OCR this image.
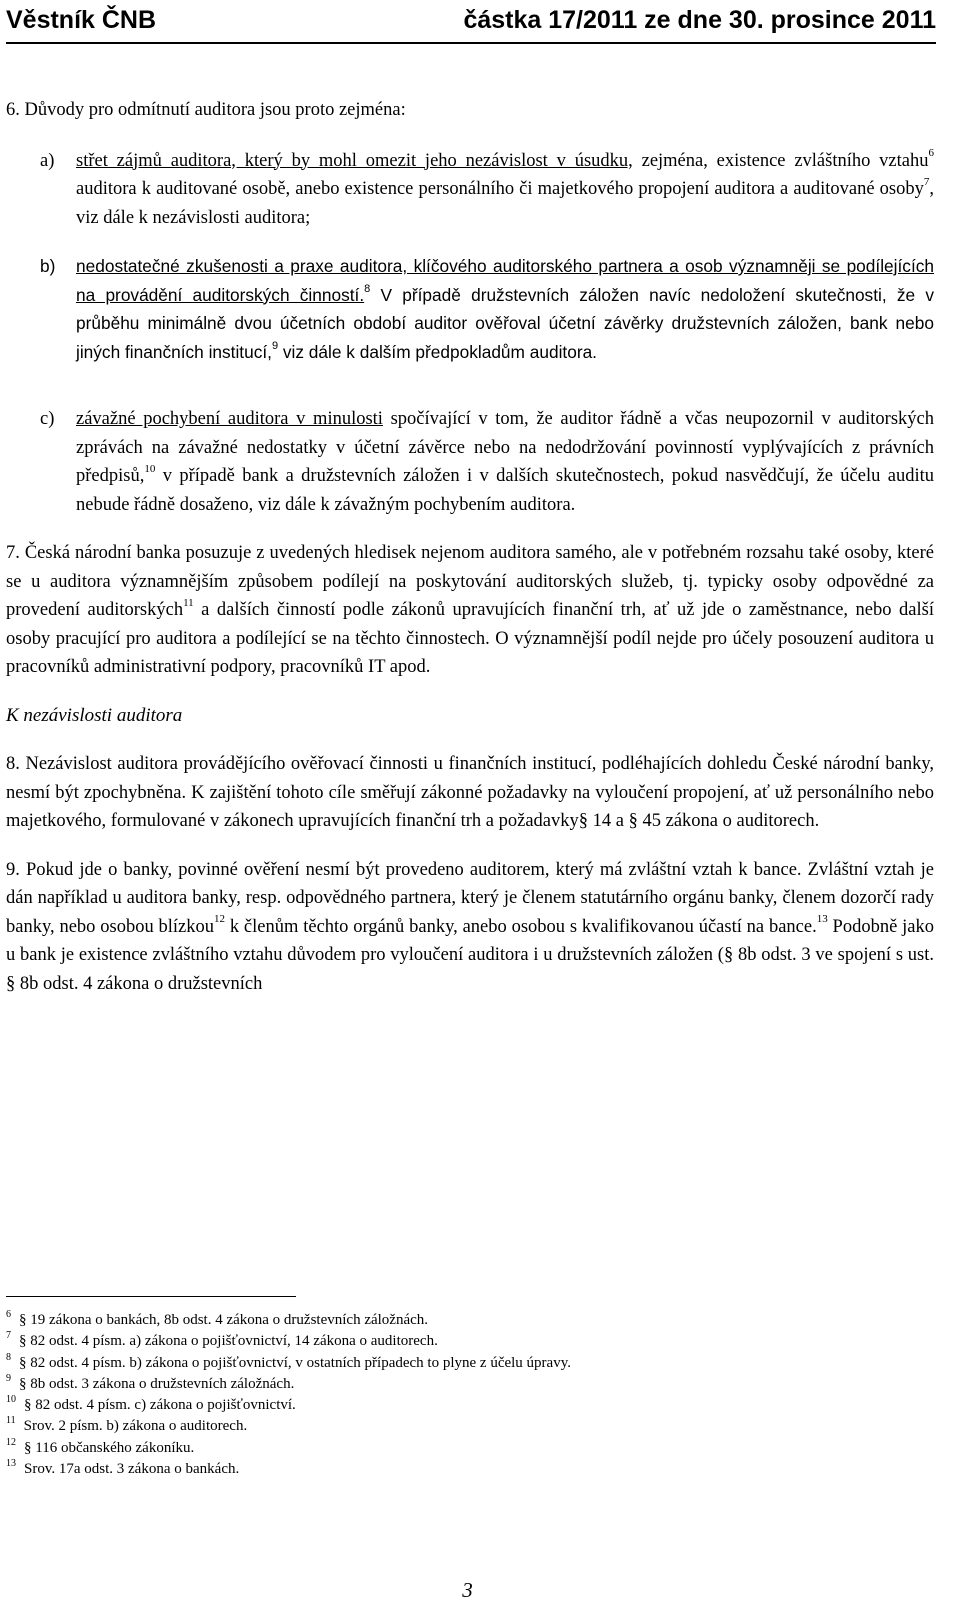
Věstník ČNB	částka 17/2011 ze dne 30. prosince 2011

6. Důvody pro odmítnutí auditora jsou proto zejména:

a) střet zájmů auditora, který by mohl omezit jeho nezávislost v úsudku, zejména, existence zvláštního vztahu$^6$ auditora k auditované osobě, anebo existence personálního či majetkového propojení auditora a auditované osoby$^7$, viz dále k nezávislosti auditora;

b) nedostatečné zkušenosti a praxe auditora, klíčového auditorského partnera a osob významněji se podílejících na provádění auditorských činností.$^8$ V případě družstevních záložen navíc nedoložení skutečnosti, že v průběhu minimálně dvou účetních období auditor ověřoval účetní závěrky družstevních záložen, bank nebo jiných finančních institucí,$^9$ viz dále k dalším předpokladům auditora.

c) závažné pochybení auditora v minulosti spočívající v tom, že auditor řádně a včas neupozornil v auditorských zprávách na závažné nedostatky v účetní závěrce nebo na nedodržování povinností vyplývajících z právních předpisů,$^{10}$ v případě bank a družstevních záložen i v dalších skutečnostech, pokud nasvědčují, že účelu auditu nebude řádně dosaženo, viz dále k závažným pochybením auditora.

7. Česká národní banka posuzuje z uvedených hledisek nejenom auditora samého, ale v potřebném rozsahu také osoby, které se u auditora významnějším způsobem podílejí na poskytování auditorských služeb, tj. typicky osoby odpovědné za provedení auditorských$^{11}$ a dalších činností podle zákonů upravujících finanční trh, ať už jde o zaměstnance, nebo další osoby pracující pro auditora a podílející se na těchto činnostech. O významnější podíl nejde pro účely posouzení auditora u pracovníků administrativní podpory, pracovníků IT apod.

K nezávislosti auditora

8. Nezávislost auditora provádějícího ověřovací činnosti u finančních institucí, podléhajících dohledu České národní banky, nesmí být zpochybněna. K zajištění tohoto cíle směřují zákonné požadavky na vyloučení propojení, ať už personálního nebo majetkového, formulované v zákonech upravujících finanční trh a požadavky§ 14 a § 45 zákona o auditorech.

9. Pokud jde o banky, povinné ověření nesmí být provedeno auditorem, který má zvláštní vztah k bance. Zvláštní vztah je dán například u auditora banky, resp. odpovědného partnera, který je členem statutárního orgánu banky, členem dozorčí rady banky, nebo osobou blízkou$^{12}$ k členům těchto orgánů banky, anebo osobou s kvalifikovanou účastí na bance.$^{13}$ Podobně jako u bank je existence zvláštního vztahu důvodem pro vyloučení auditora i u družstevních záložen (§ 8b odst. 3 ve spojení s ust. § 8b odst. 4 zákona o družstevních

$^6$ § 19 zákona o bankách, 8b odst. 4 zákona o družstevních záložnách.
$^7$ § 82 odst. 4 písm. a) zákona o pojišťovnictví, 14 zákona o auditorech.
$^8$ § 82 odst. 4 písm. b) zákona o pojišťovnictví, v ostatních případech to plyne z účelu úpravy.
$^9$ § 8b odst. 3 zákona o družstevních záložnách.
$^{10}$ § 82 odst. 4 písm. c) zákona o pojišťovnictví.
$^{11}$ Srov. 2 písm. b) zákona o auditorech.
$^{12}$ § 116 občanského zákoníku.
$^{13}$ Srov. 17a odst. 3 zákona o bankách.
3
